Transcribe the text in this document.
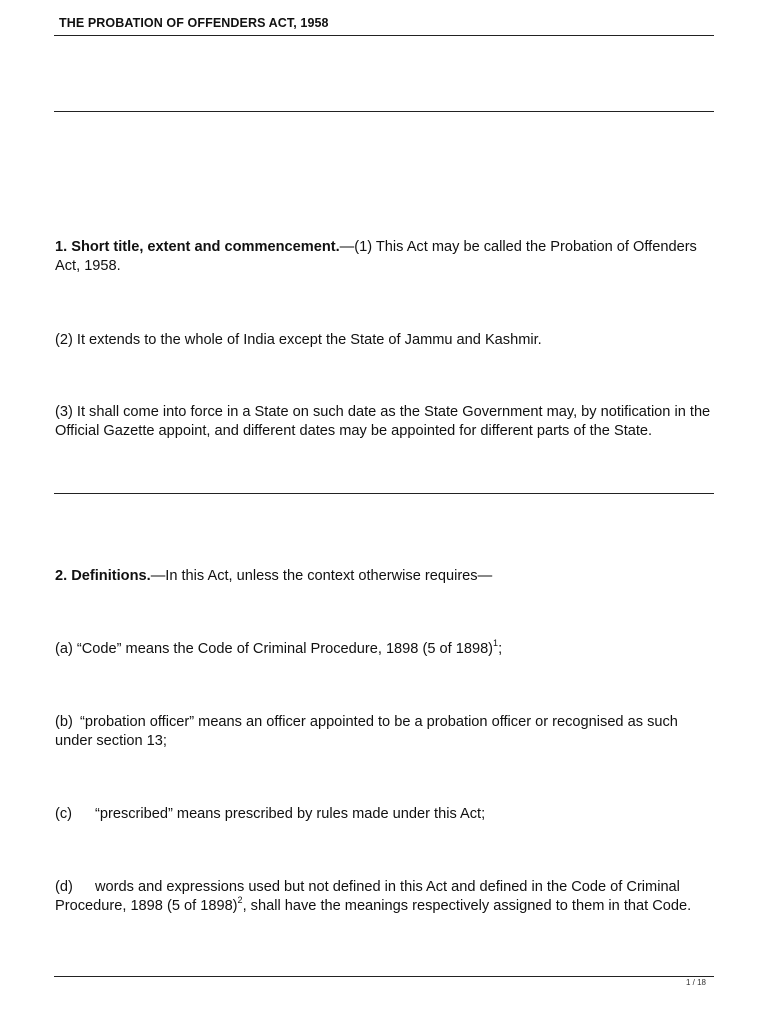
THE PROBATION OF OFFENDERS ACT, 1958
1. Short title, extent and commencement.—(1) This Act may be called the Probation of Offenders Act, 1958.
(2) It extends to the whole of India except the State of Jammu and Kashmir.
(3) It shall come into force in a State on such date as the State Government may, by notification in the Official Gazette appoint, and different dates may be appointed for different parts of the State.
2. Definitions.—In this Act, unless the context otherwise requires—
(a) “Code” means the Code of Criminal Procedure, 1898 (5 of 1898)$^1$;
(b) “probation officer” means an officer appointed to be a probation officer or recognised as such under section 13;
(c) “prescribed” means prescribed by rules made under this Act;
(d) words and expressions used but not defined in this Act and defined in the Code of Criminal Procedure, 1898 (5 of 1898)$^2$, shall have the meanings respectively assigned to them in that Code.
1 / 18
